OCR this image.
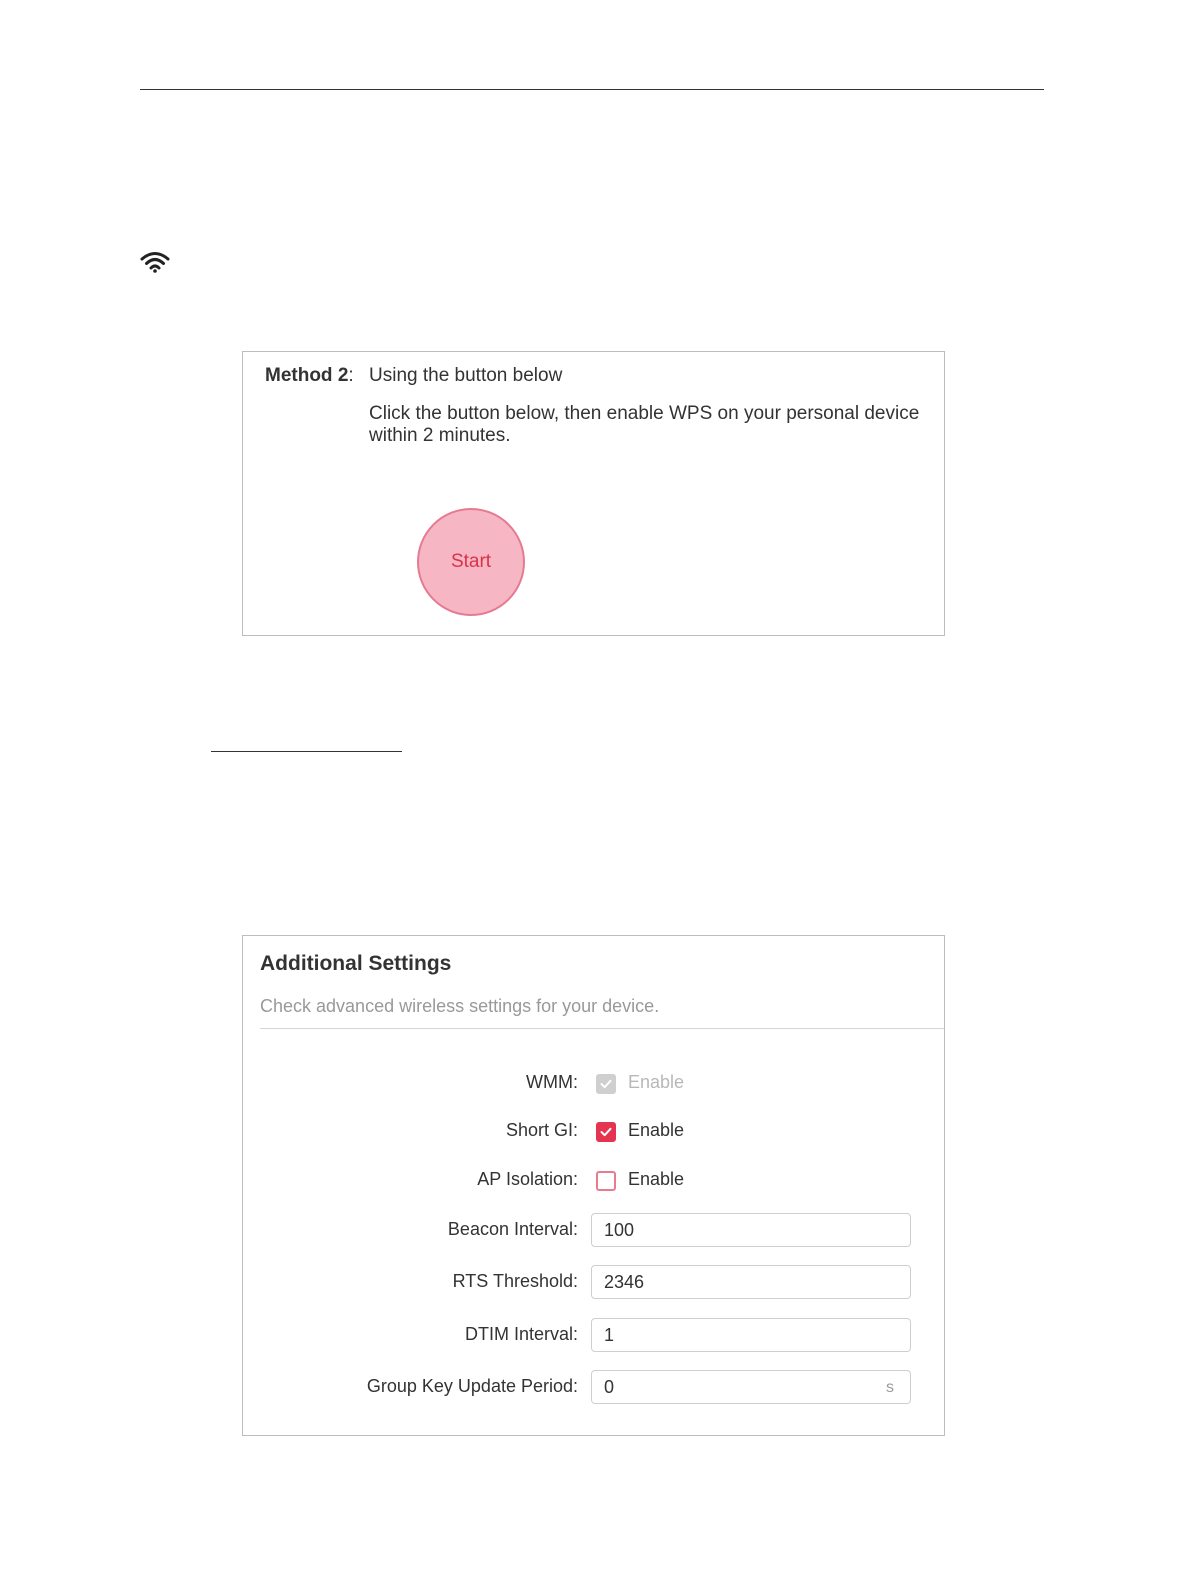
Method 2: Using the button below
Click the button below, then enable WPS on your personal device within 2 minutes.
Start
Additional Settings
Check advanced wireless settings for your device.
WMM:	Enable
Short GI:	Enable
AP Isolation:	Enable
Beacon Interval:
100
RTS Threshold:
2346
DTIM Interval:
1
Group Key Update Period:
0	s
